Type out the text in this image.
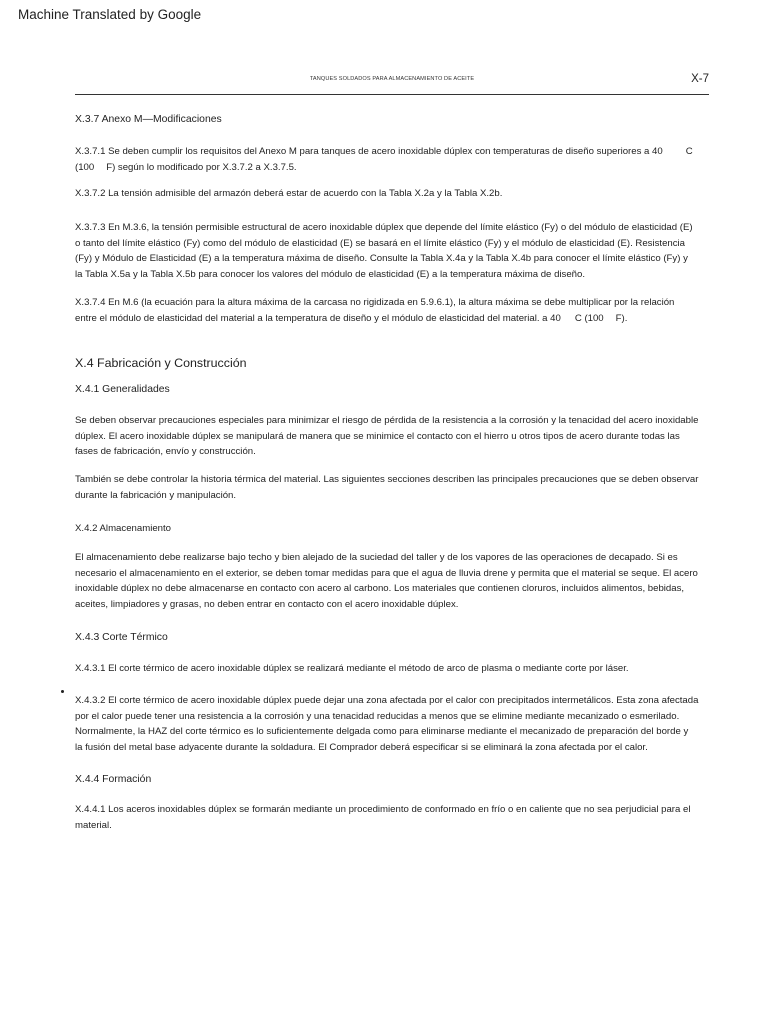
Machine Translated by Google
TANQUES SOLDADOS PARA ALMACENAMIENTO DE ACEITE	X-7
X.3.7 Anexo M—Modificaciones
X.3.7.1 Se deben cumplir los requisitos del Anexo M para tanques de acero inoxidable dúplex con temperaturas de diseño superiores a 40 C
(100 F) según lo modificado por X.3.7.2 a X.3.7.5.
X.3.7.2 La tensión admisible del armazón deberá estar de acuerdo con la Tabla X.2a y la Tabla X.2b.
X.3.7.3 En M.3.6, la tensión permisible estructural de acero inoxidable dúplex que depende del límite elástico (Fy) o del módulo de elasticidad (E)
o tanto del límite elástico (Fy) como del módulo de elasticidad (E) se basará en el límite elástico (Fy) y el módulo de elasticidad (E). Resistencia
(Fy) y Módulo de Elasticidad (E) a la temperatura máxima de diseño. Consulte la Tabla X.4a y la Tabla X.4b para conocer el límite elástico (Fy) y
la Tabla X.5a y la Tabla X.5b para conocer los valores del módulo de elasticidad (E) a la temperatura máxima de diseño.
X.3.7.4 En M.6 (la ecuación para la altura máxima de la carcasa no rigidizada en 5.9.6.1), la altura máxima se debe multiplicar por la relación
entre el módulo de elasticidad del material a la temperatura de diseño y el módulo de elasticidad del material. a 40 C (100 F).
X.4 Fabricación y Construcción
X.4.1 Generalidades
Se deben observar precauciones especiales para minimizar el riesgo de pérdida de la resistencia a la corrosión y la tenacidad del acero inoxidable
dúplex. El acero inoxidable dúplex se manipulará de manera que se minimice el contacto con el hierro u otros tipos de acero durante todas las
fases de fabricación, envío y construcción.
También se debe controlar la historia térmica del material. Las siguientes secciones describen las principales precauciones que se deben observar
durante la fabricación y manipulación.
X.4.2 Almacenamiento
El almacenamiento debe realizarse bajo techo y bien alejado de la suciedad del taller y de los vapores de las operaciones de decapado. Si es
necesario el almacenamiento en el exterior, se deben tomar medidas para que el agua de lluvia drene y permita que el material se seque. El acero
inoxidable dúplex no debe almacenarse en contacto con acero al carbono. Los materiales que contienen cloruros, incluidos alimentos, bebidas,
aceites, limpiadores y grasas, no deben entrar en contacto con el acero inoxidable dúplex.
X.4.3 Corte Térmico
X.4.3.1 El corte térmico de acero inoxidable dúplex se realizará mediante el método de arco de plasma o mediante corte por láser.
X.4.3.2 El corte térmico de acero inoxidable dúplex puede dejar una zona afectada por el calor con precipitados intermetálicos. Esta zona afectada
por el calor puede tener una resistencia a la corrosión y una tenacidad reducidas a menos que se elimine mediante mecanizado o esmerilado.
Normalmente, la HAZ del corte térmico es lo suficientemente delgada como para eliminarse mediante el mecanizado de preparación del borde y
la fusión del metal base adyacente durante la soldadura. El Comprador deberá especificar si se eliminará la zona afectada por el calor.
X.4.4 Formación
X.4.4.1 Los aceros inoxidables dúplex se formarán mediante un procedimiento de conformado en frío o en caliente que no sea perjudicial para el
material.
